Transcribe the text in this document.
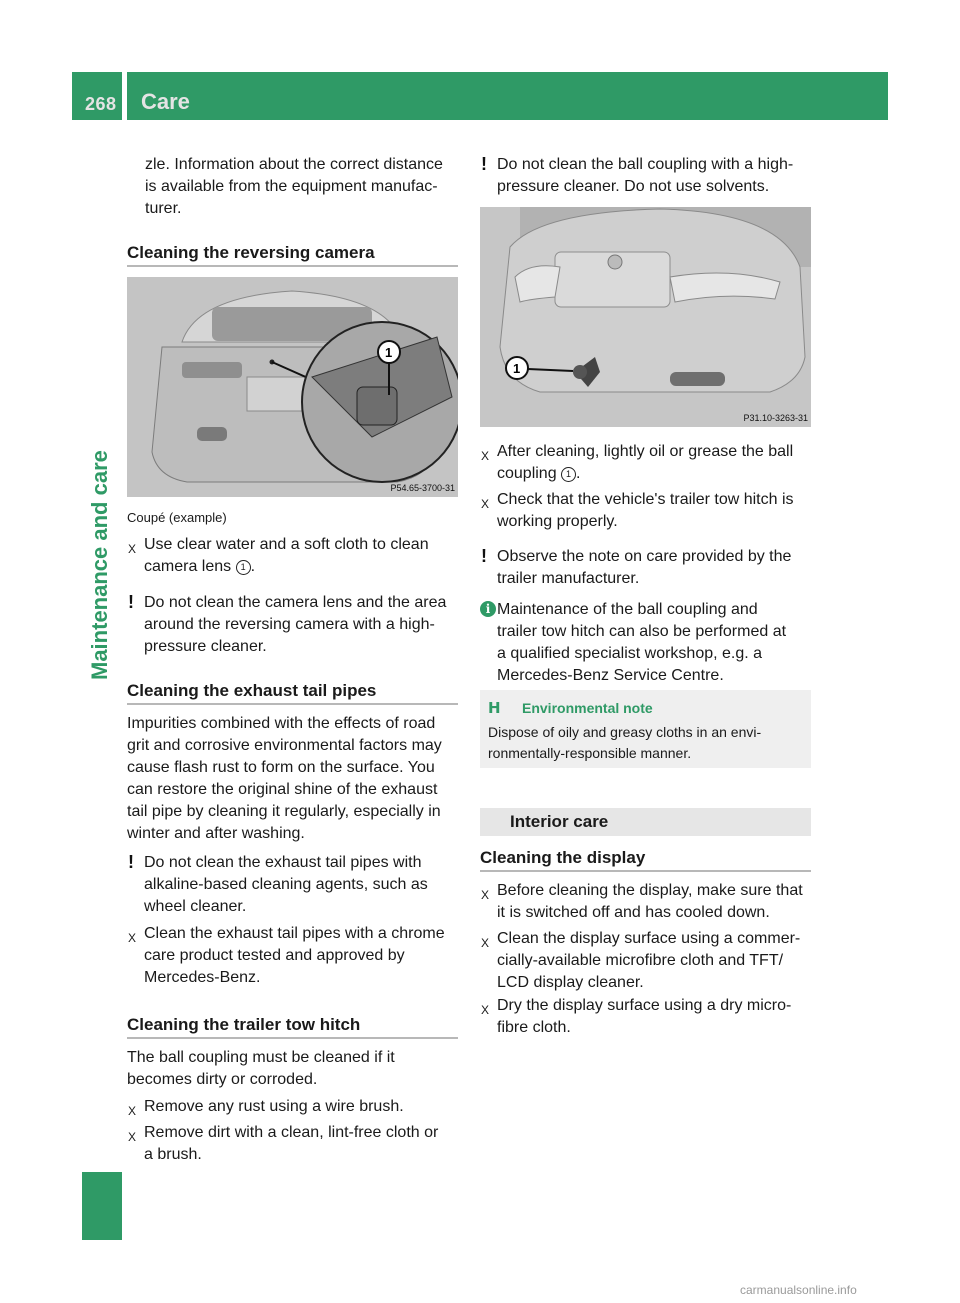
268 Care
Maintenance and care
zle. Information about the correct distance
is available from the equipment manufac-
turer.
Cleaning the reversing camera
1
P54.65-3700-31
Coupé (example)
X Use clear water and a soft cloth to clean
camera lens 1 .
! Do not clean the camera lens and the area
around the reversing camera with a high-
pressure cleaner.
Cleaning the exhaust tail pipes
Impurities combined with the effects of road
grit and corrosive environmental factors may
cause flash rust to form on the surface. You
can restore the original shine of the exhaust
tail pipe by cleaning it regularly, especially in
winter and after washing.
! Do not clean the exhaust tail pipes with
alkaline-based cleaning agents, such as
wheel cleaner.
X Clean the exhaust tail pipes with a chrome
care product tested and approved by
Mercedes-Benz.
Cleaning the trailer tow hitch
The ball coupling must be cleaned if it
becomes dirty or corroded.
X Remove any rust using a wire brush.
X Remove dirt with a clean, lint-free cloth or
a brush.
! Do not clean the ball coupling with a high-
pressure cleaner. Do not use solvents.
1
P31.10-3263-31
X After cleaning, lightly oil or grease the ball
coupling 1 .
X Check that the vehicle's trailer tow hitch is
working properly.
! Observe the note on care provided by the
trailer manufacturer.
i Maintenance of the ball coupling and
trailer tow hitch can also be performed at
a qualified specialist workshop, e.g. a
Mercedes-Benz Service Centre.
H Environmental note
Dispose of oily and greasy cloths in an envi-
ronmentally-responsible manner.
Interior care
Cleaning the display
X Before cleaning the display, make sure that
it is switched off and has cooled down.
X Clean the display surface using a commer-
cially-available microfibre cloth and TFT/
LCD display cleaner.
X Dry the display surface using a dry micro-
fibre cloth.
carmanualsonline.info
